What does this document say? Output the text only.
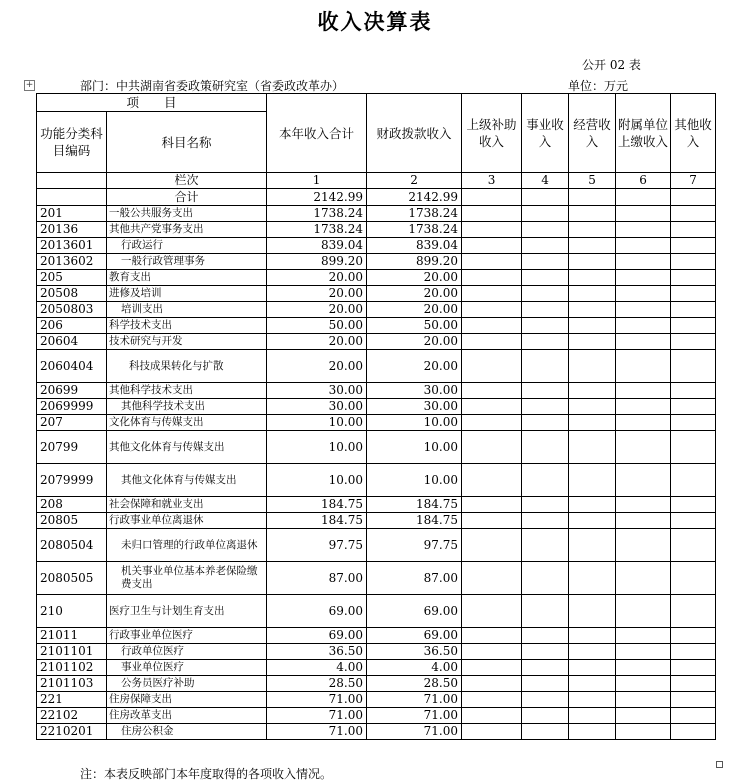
收入决算表
公开 02 表
+	部门：中共湖南省委政策研究室（省委政改革办）	单位：万元
项　　目		本年收入合计	财政拨款收入	上级补助收入	事业收入	经营收入	附属单位上缴收入	其他收入
功能分类科目编码	科目名称							
	栏次	1	2	3	4	5	6	7
	合计	2142.99	2142.99					
201	一般公共服务支出	1738.24	1738.24					
20136	其他共产党事务支出	1738.24	1738.24					
2013601	行政运行	839.04	839.04					
2013602	一般行政管理事务	899.20	899.20					
205	教育支出	20.00	20.00					
20508	进修及培训	20.00	20.00					
2050803	培训支出	20.00	20.00					
206	科学技术支出	50.00	50.00					
20604	技术研究与开发	20.00	20.00					
2060404	科技成果转化与扩散	20.00	20.00					
20699	其他科学技术支出	30.00	30.00					
2069999	其他科学技术支出	30.00	30.00					
207	文化体育与传媒支出	10.00	10.00					
20799	其他文化体育与传媒支出	10.00	10.00					
2079999	其他文化体育与传媒支出	10.00	10.00					
208	社会保障和就业支出	184.75	184.75					
20805	行政事业单位离退休	184.75	184.75					
2080504	未归口管理的行政单位离退休	97.75	97.75					
2080505	机关事业单位基本养老保险缴费支出	87.00	87.00					
210	医疗卫生与计划生育支出	69.00	69.00					
21011	行政事业单位医疗	69.00	69.00					
2101101	行政单位医疗	36.50	36.50					
2101102	事业单位医疗	4.00	4.00					
2101103	公务员医疗补助	28.50	28.50					
221	住房保障支出	71.00	71.00					
22102	住房改革支出	71.00	71.00					
2210201	住房公积金	71.00	71.00					
注：本表反映部门本年度取得的各项收入情况。
